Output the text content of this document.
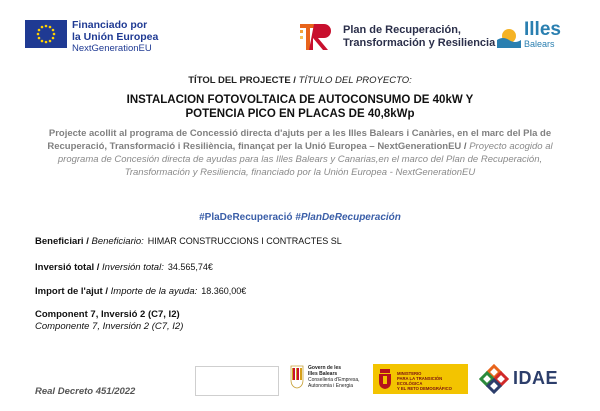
Financiado por
la Unión Europea
NextGenerationEU
Plan de Recuperación,
Transformación y Resiliencia
Illes
Balears
TÍTOL DEL PROJECTE / TÍTULO DEL PROYECTO:
INSTALACION FOTOVOLTAICA DE AUTOCONSUMO DE 40kW Y
POTENCIA PICO EN PLACAS DE 40,8kWp
Projecte acollit al programa de Concessió directa d'ajuts per a les Illes Balears i Canàries, en el marc del Pla de Recuperació, Transformació i Resiliència, finançat per la Unió Europea – NextGenerationEU / Proyecto acogido al programa de Concesión directa de ayudas para las Illes Balears y Canarias,en el marco del Plan de Recuperación, Transformación y Resiliencia, financiado por la Unión Europea - NextGenerationEU
#PlaDeRecuperació #PlanDeRecuperación
Beneficiari / Beneficiario: HIMAR CONSTRUCCIONS I CONTRACTES SL
Inversió total / Inversión total: 34.565,74€
Import de l'ajut / Importe de la ayuda: 18.360,00€
Component 7, Inversió 2 (C7, I2)
Componente 7, Inversión 2 (C7, I2)
Real Decreto 451/2022
Govern de les
Illes Balears
Conselleria d'Empresa,
Autonomia i Energia
MINISTERIO
PARA LA TRANSICIÓN ECOLÓGICA
Y EL RETO DEMOGRÁFICO
IDAE
